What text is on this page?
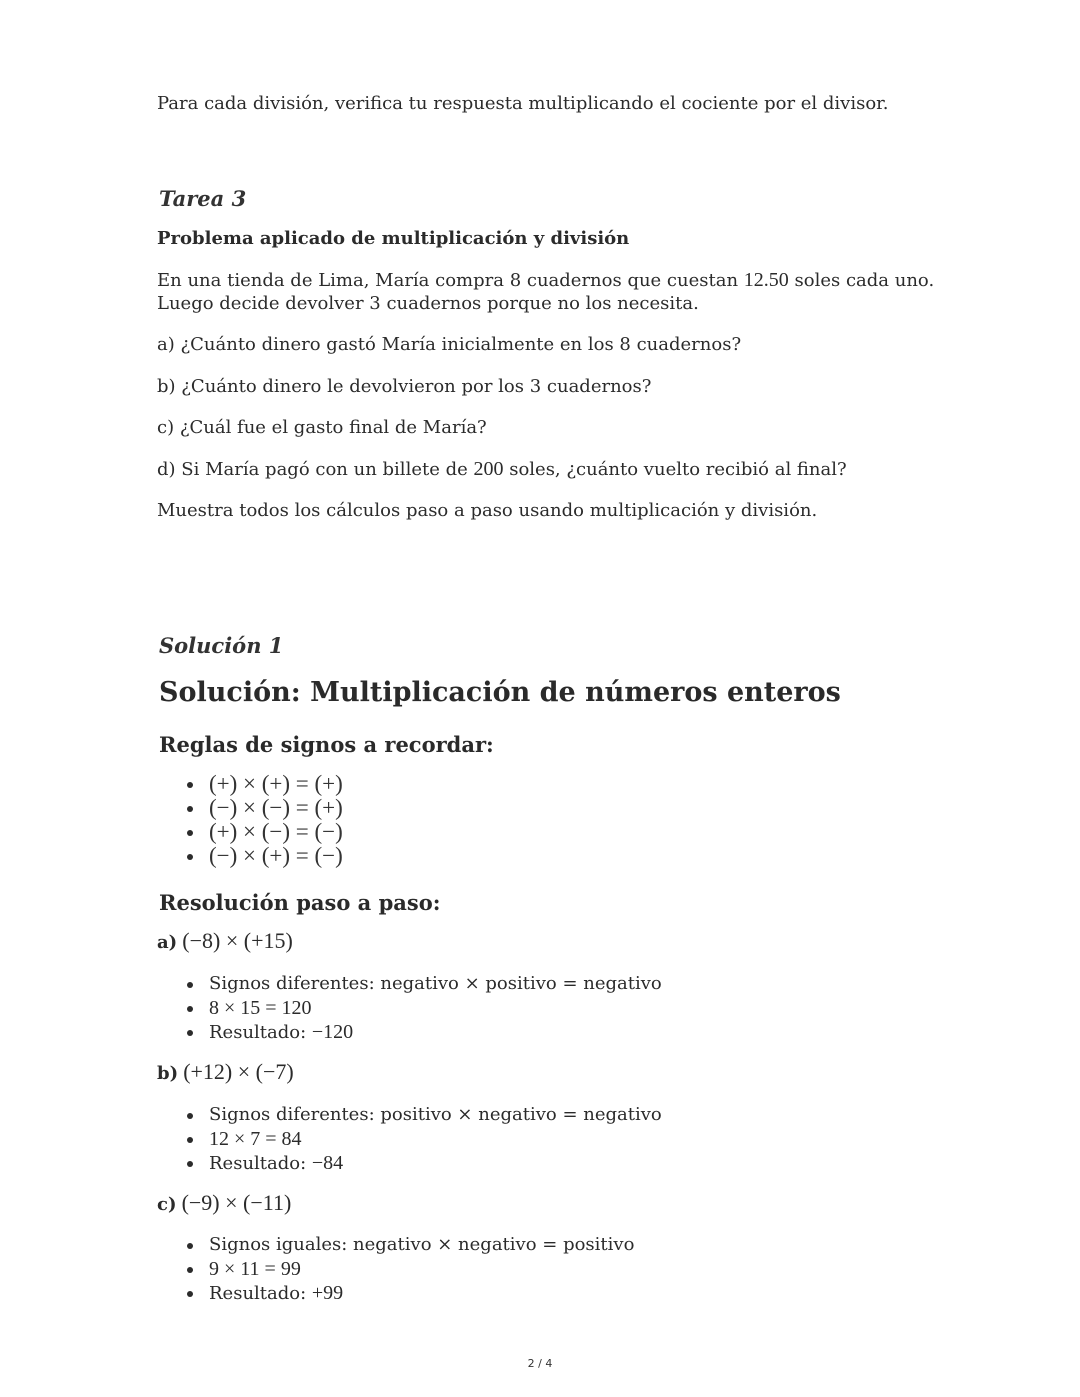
Para cada división, verifica tu respuesta multiplicando el cociente por el divisor.
Tarea 3
Problema aplicado de multiplicación y división
En una tienda de Lima, María compra 8 cuadernos que cuestan 12.50 soles cada uno.
Luego decide devolver 3 cuadernos porque no los necesita.
a) ¿Cuánto dinero gastó María inicialmente en los 8 cuadernos?
b) ¿Cuánto dinero le devolvieron por los 3 cuadernos?
c) ¿Cuál fue el gasto final de María?
d) Si María pagó con un billete de 200 soles, ¿cuánto vuelto recibió al final?
Muestra todos los cálculos paso a paso usando multiplicación y división.
Solución 1
Solución: Multiplicación de números enteros
Reglas de signos a recordar:
(+) × (+) = (+)
(−) × (−) = (+)
(+) × (−) = (−)
(−) × (+) = (−)
Resolución paso a paso:
a) (−8) × (+15)
Signos diferentes: negativo × positivo = negativo
8 × 15 = 120
Resultado: −120
b) (+12) × (−7)
Signos diferentes: positivo × negativo = negativo
12 × 7 = 84
Resultado: −84
c) (−9) × (−11)
Signos iguales: negativo × negativo = positivo
9 × 11 = 99
Resultado: +99
2 / 4
